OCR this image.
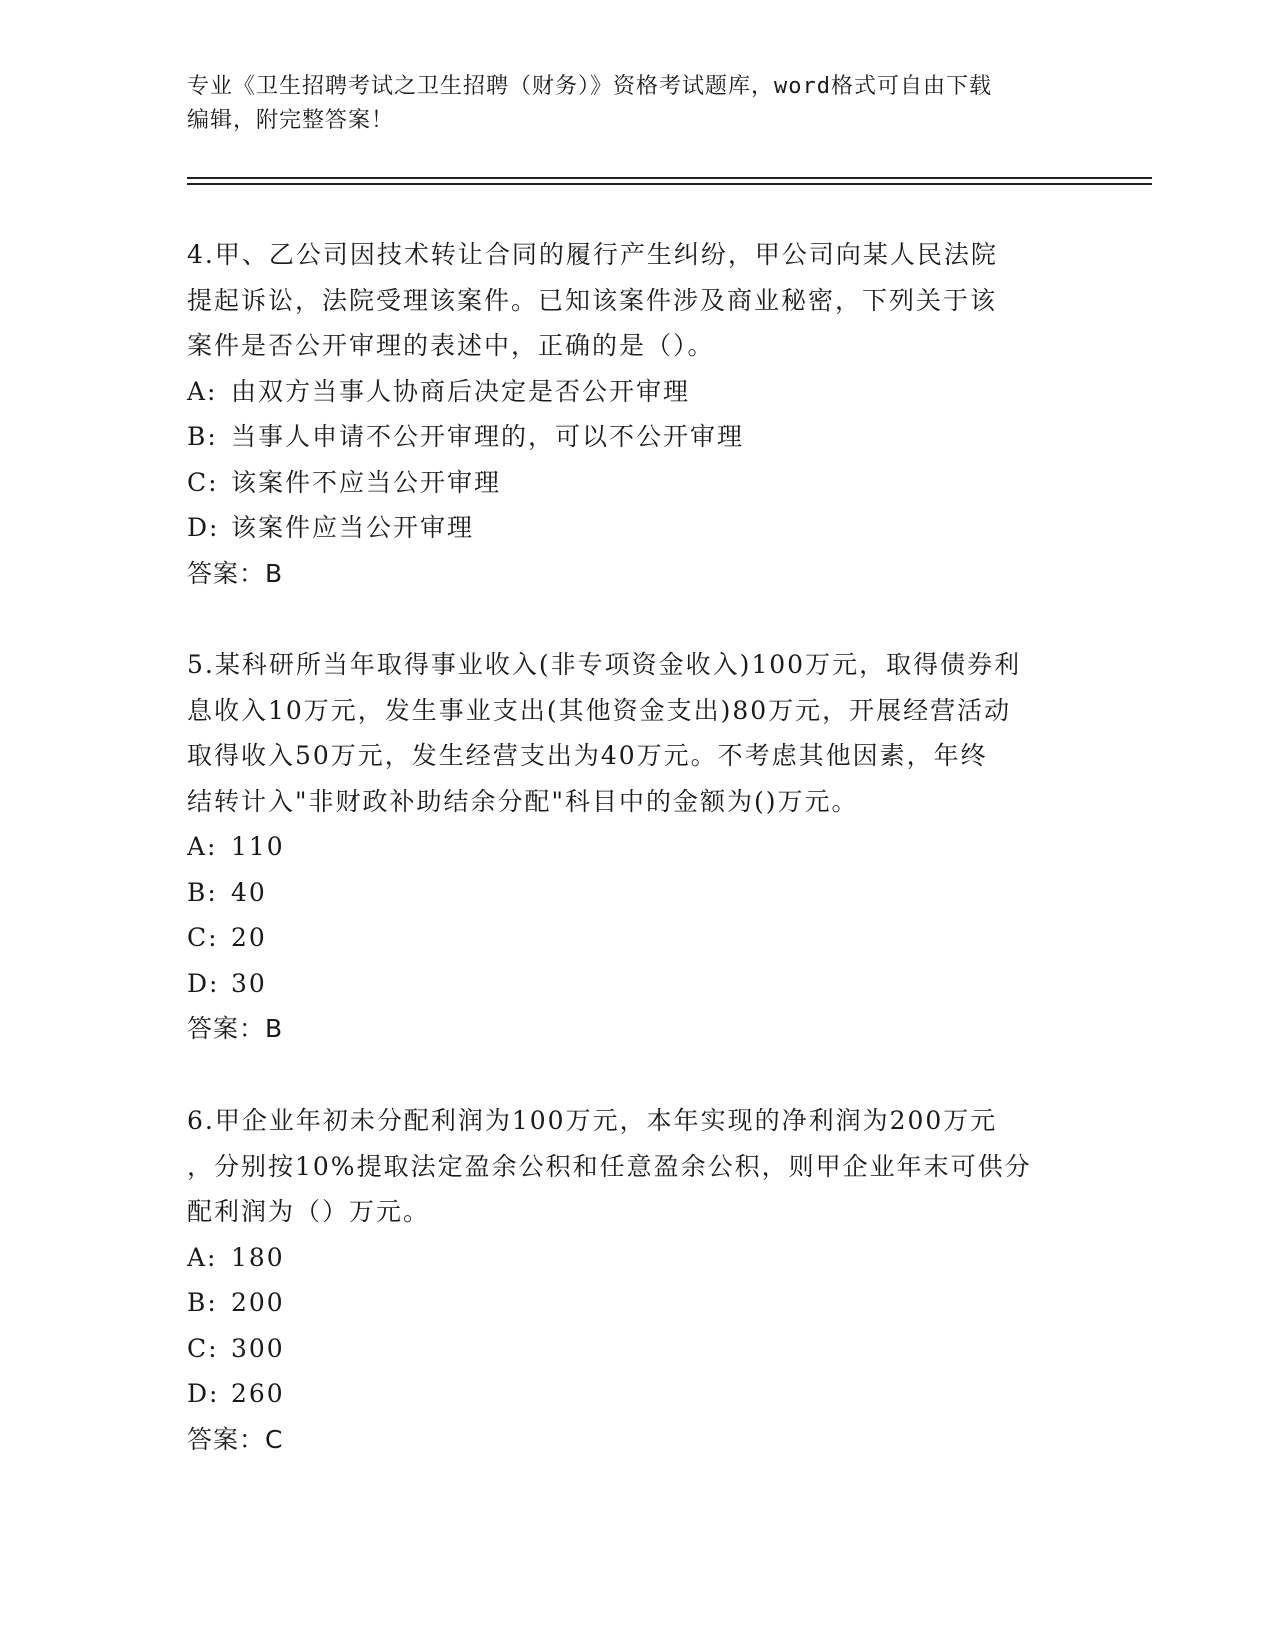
专业《卫生招聘考试之卫生招聘（财务）》资格考试题库，word格式可自由下载
编辑，附完整答案！

4.甲、乙公司因技术转让合同的履行产生纠纷，甲公司向某人民法院
提起诉讼，法院受理该案件。已知该案件涉及商业秘密，下列关于该
案件是否公开审理的表述中，正确的是（）。

A: 由双方当事人协商后决定是否公开审理
B: 当事人申请不公开审理的，可以不公开审理
C: 该案件不应当公开审理
D: 该案件应当公开审理

答案：B

5.某科研所当年取得事业收入(非专项资金收入)100万元，取得债券利
息收入10万元，发生事业支出(其他资金支出)80万元，开展经营活动
取得收入50万元，发生经营支出为40万元。不考虑其他因素，年终
结转计入"非财政补助结余分配"科目中的金额为()万元。

A: 110
B: 40
C: 20
D: 30

答案：B

6.甲企业年初未分配利润为100万元，本年实现的净利润为200万元
，分别按10%提取法定盈余公积和任意盈余公积，则甲企业年末可供分
配利润为（）万元。

A: 180
B: 200
C: 300
D: 260

答案：C
